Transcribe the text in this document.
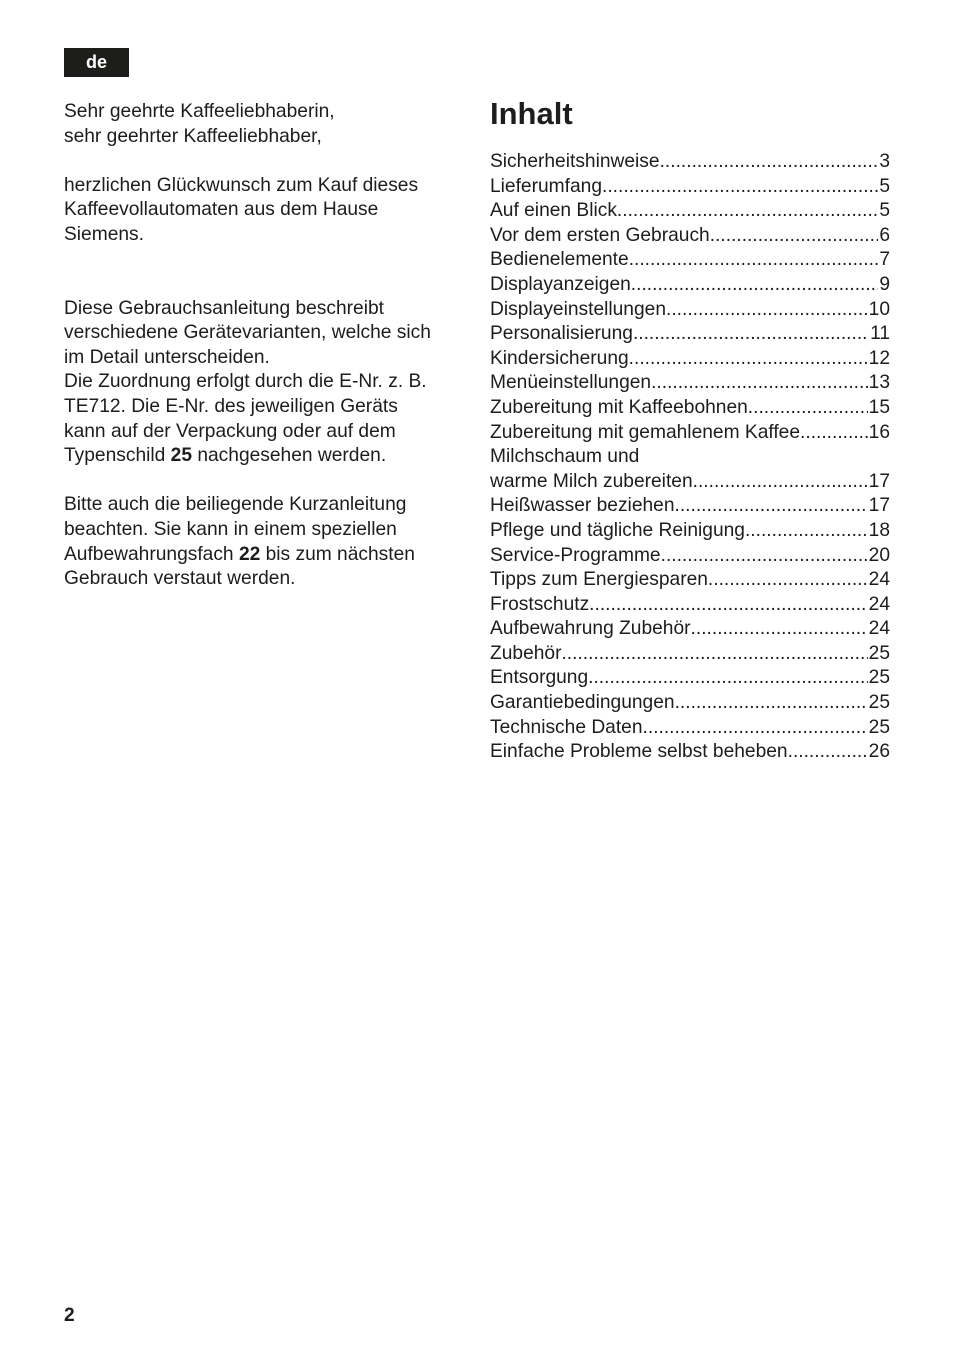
de

Sehr geehrte Kaffeeliebhaberin,
sehr geehrter Kaffeeliebhaber,

herzlichen Glückwunsch zum Kauf dieses
Kaffeevollautomaten aus dem Hause
Siemens.

Diese Gebrauchsanleitung beschreibt
verschiedene Gerätevarianten, welche sich
im Detail unterscheiden.
Die Zuordnung erfolgt durch die E-Nr. z. B.
TE712. Die E-Nr. des jeweiligen Geräts
kann auf der Verpackung oder auf dem
Typenschild 25 nachgesehen werden.

Bitte auch die beiliegende Kurzanleitung
beachten. Sie kann in einem speziellen
Aufbewahrungsfach 22 bis zum nächsten
Gebrauch verstaut werden.

Inhalt
Sicherheitshinweise .....	3
Lieferumfang .....	5
Auf einen Blick .....	5
Vor dem ersten Gebrauch .....	6
Bedienelemente .....	7
Displayanzeigen .....	9
Displayeinstellungen .....	10
Personalisierung .....	11
Kindersicherung .....	12
Menüeinstellungen .....	13
Zubereitung mit Kaffeebohnen .....	15
Zubereitung mit gemahlenem Kaffee .....	16
Milchschaum und
warme Milch zubereiten .....	17
Heißwasser beziehen .....	17
Pflege und tägliche Reinigung .....	18
Service-Programme .....	20
Tipps zum Energiesparen .....	24
Frostschutz .....	24
Aufbewahrung Zubehör .....	24
Zubehör .....	25
Entsorgung .....	25
Garantiebedingungen .....	25
Technische Daten .....	25
Einfache Probleme selbst beheben .....	26
2
